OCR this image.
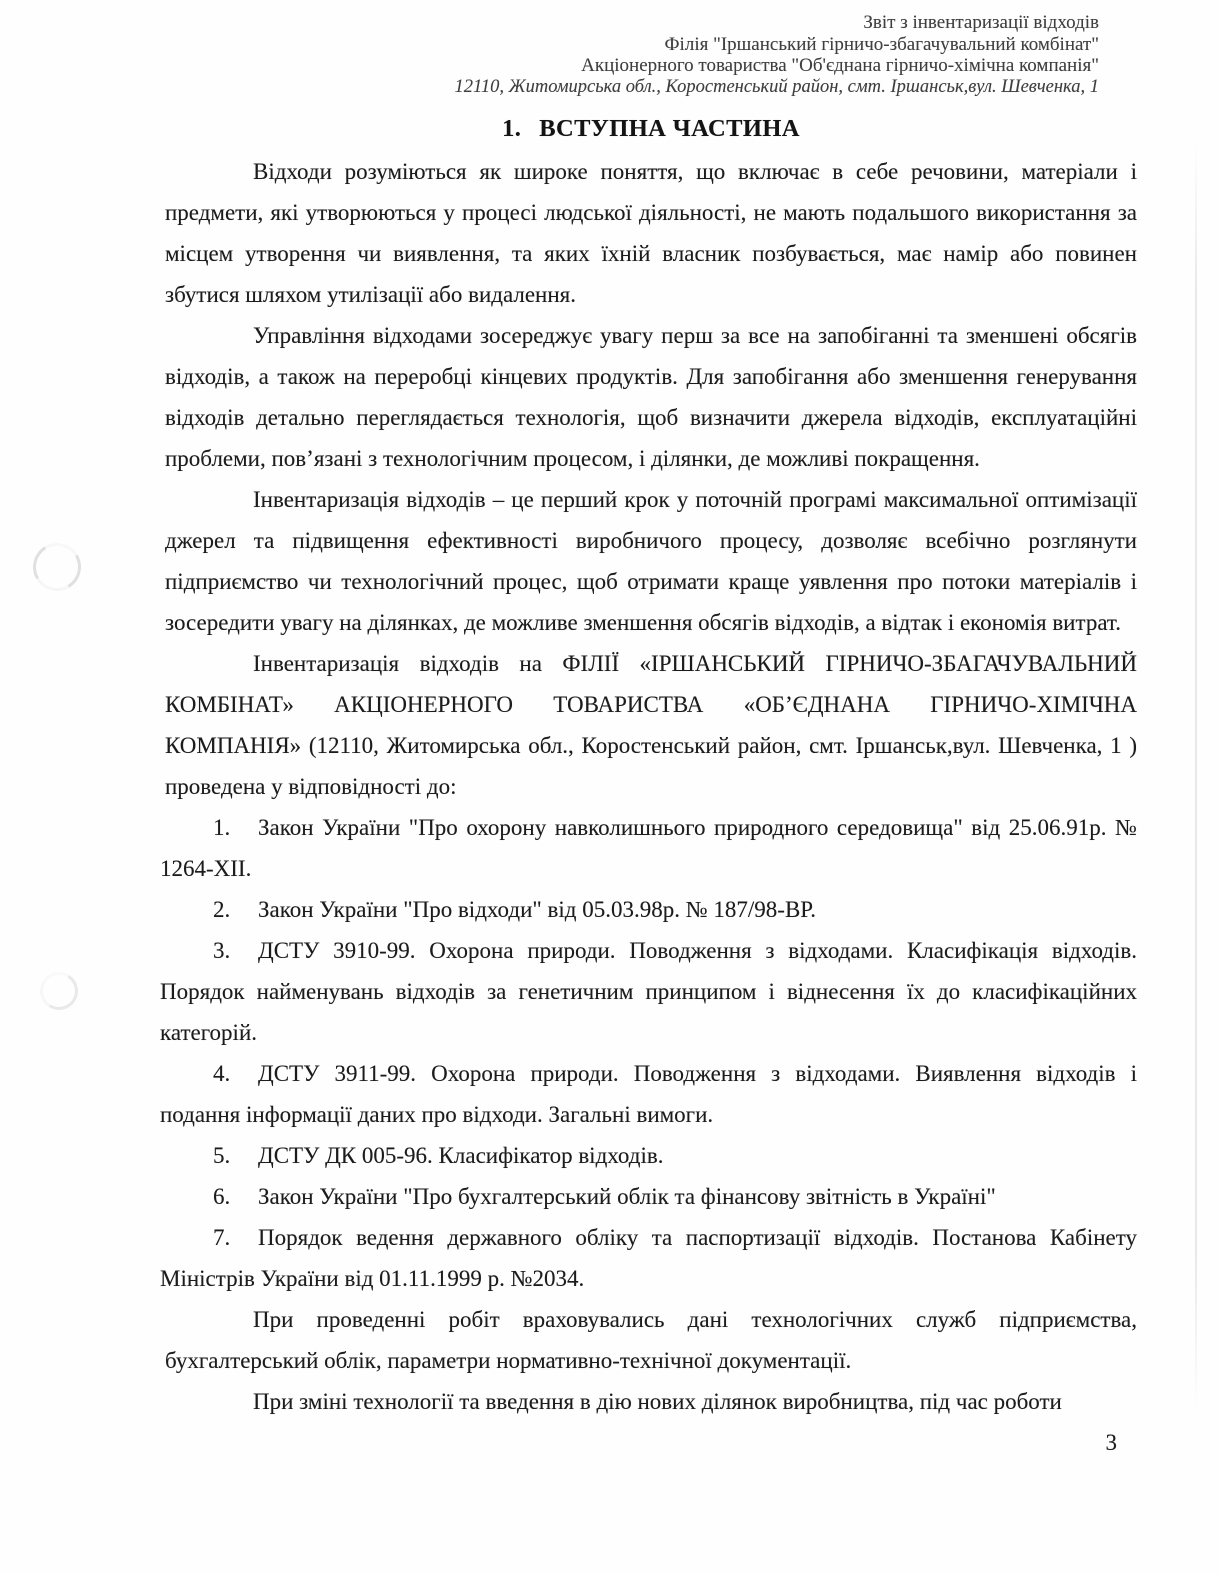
Звіт з інвентаризації відходів
Філія "Іршанський гірничо-збагачувальний комбінат"
Акціонерного товариства "Об'єднана гірничо-хімічна компанія"
12110, Житомирська обл., Коростенський район, смт. Іршанськ,вул. Шевченка, 1
1. ВСТУПНА ЧАСТИНА

Відходи розуміються як широке поняття, що включає в себе речовини, матеріали і предмети, які утворюються у процесі людської діяльності, не мають подальшого використання за місцем утворення чи виявлення, та яких їхній власник позбувається, має намір або повинен збутися шляхом утилізації або видалення.

Управління відходами зосереджує увагу перш за все на запобіганні та зменшені обсягів відходів, а також на переробці кінцевих продуктів. Для запобігання або зменшення генерування відходів детально переглядається технологія, щоб визначити джерела відходів, експлуатаційні проблеми, пов’язані з технологічним процесом, і ділянки, де можливі покращення.

Інвентаризація відходів – це перший крок у поточній програмі максимальної оптимізації джерел та підвищення ефективності виробничого процесу, дозволяє всебічно розглянути підприємство чи технологічний процес, щоб отримати краще уявлення про потоки матеріалів і зосередити увагу на ділянках, де можливе зменшення обсягів відходів, а відтак і економія витрат.

Інвентаризація відходів на ФІЛІЇ «ІРШАНСЬКИЙ ГІРНИЧО-ЗБАГАЧУВАЛЬНИЙ КОМБІНАТ» АКЦІОНЕРНОГО ТОВАРИСТВА «ОБ’ЄДНАНА ГІРНИЧО-ХІМІЧНА КОМПАНІЯ» (12110, Житомирська обл., Коростенський район, смт. Іршанськ,вул. Шевченка, 1 ) проведена у відповідності до:

1. Закон України "Про охорону навколишнього природного середовища" від 25.06.91р. № 1264-XII.

2. Закон України "Про відходи" від 05.03.98р. № 187/98-ВР.

3. ДСТУ 3910-99. Охорона природи. Поводження з відходами. Класифікація відходів. Порядок найменувань відходів за генетичним принципом і віднесення їх до класифікаційних категорій.

4. ДСТУ 3911-99. Охорона природи. Поводження з відходами. Виявлення відходів і подання інформації даних про відходи. Загальні вимоги.

5. ДСТУ ДК 005-96. Класифікатор відходів.

6. Закон України "Про бухгалтерський облік та фінансову звітність в Україні"

7. Порядок ведення державного обліку та паспортизації відходів. Постанова Кабінету Міністрів України від 01.11.1999 р. №2034.

При проведенні робіт враховувались дані технологічних служб підприємства, бухгалтерський облік, параметри нормативно-технічної документації.

При зміні технології та введення в дію нових ділянок виробництва, під час роботи

3
